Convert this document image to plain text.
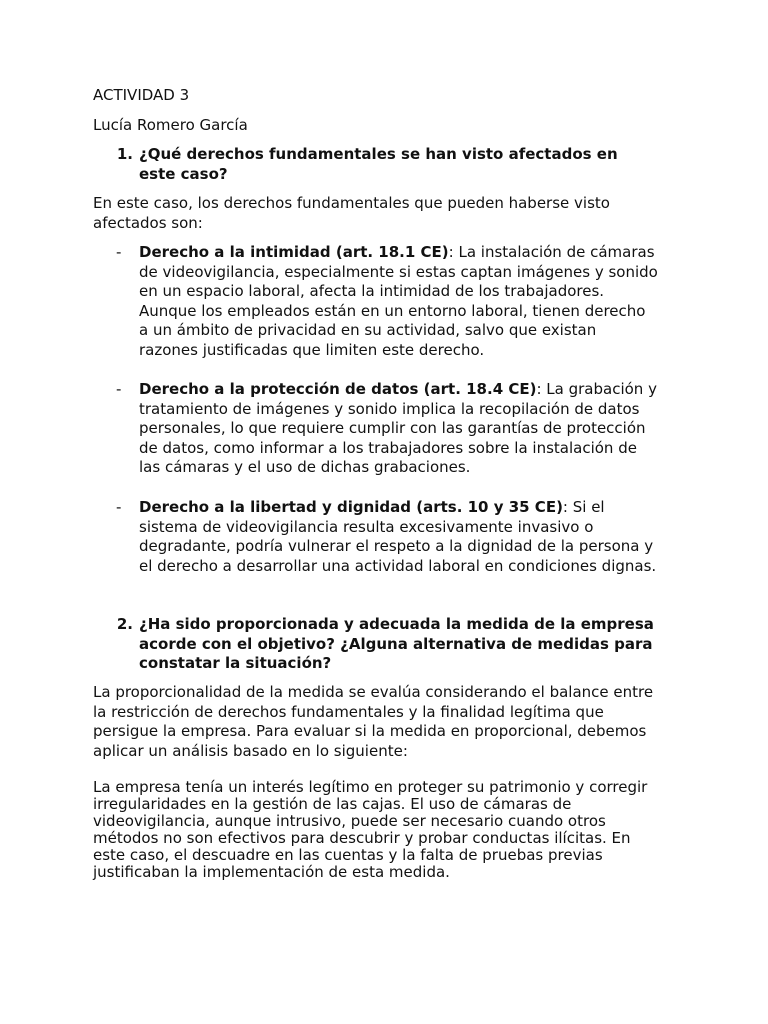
ACTIVIDAD 3
Lucía Romero García
1. ¿Qué derechos fundamentales se han visto afectados en
este caso?
En este caso, los derechos fundamentales que pueden haberse visto
afectados son:
- Derecho a la intimidad (art. 18.1 CE): La instalación de cámaras
de videovigilancia, especialmente si estas captan imágenes y sonido
en un espacio laboral, afecta la intimidad de los trabajadores.
Aunque los empleados están en un entorno laboral, tienen derecho
a un ámbito de privacidad en su actividad, salvo que existan
razones justificadas que limiten este derecho.
- Derecho a la protección de datos (art. 18.4 CE): La grabación y
tratamiento de imágenes y sonido implica la recopilación de datos
personales, lo que requiere cumplir con las garantías de protección
de datos, como informar a los trabajadores sobre la instalación de
las cámaras y el uso de dichas grabaciones.
- Derecho a la libertad y dignidad (arts. 10 y 35 CE): Si el
sistema de videovigilancia resulta excesivamente invasivo o
degradante, podría vulnerar el respeto a la dignidad de la persona y
el derecho a desarrollar una actividad laboral en condiciones dignas.
2. ¿Ha sido proporcionada y adecuada la medida de la empresa
acorde con el objetivo? ¿Alguna alternativa de medidas para
constatar la situación?
La proporcionalidad de la medida se evalúa considerando el balance entre
la restricción de derechos fundamentales y la finalidad legítima que
persigue la empresa. Para evaluar si la medida en proporcional, debemos
aplicar un análisis basado en lo siguiente:
La empresa tenía un interés legítimo en proteger su patrimonio y corregir
irregularidades en la gestión de las cajas. El uso de cámaras de
videovigilancia, aunque intrusivo, puede ser necesario cuando otros
métodos no son efectivos para descubrir y probar conductas ilícitas. En
este caso, el descuadre en las cuentas y la falta de pruebas previas
justificaban la implementación de esta medida.
